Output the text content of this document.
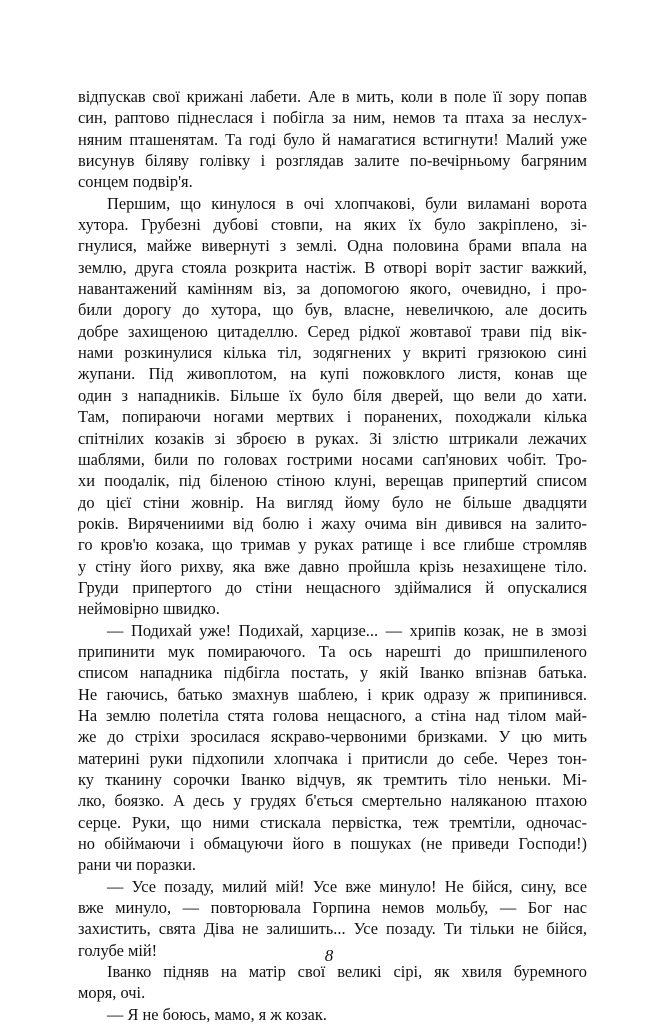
відпускав свої крижані лабети. Але в мить, коли в поле її зору попав
син, раптово піднеслася і побігла за ним, немов та птаха за неслух-
няним пташенятам. Та годі було й намагатися встигнути! Малий уже
висунув біляву голівку і розглядав залите по-вечірньому багряним
сонцем подвір'я.
Першим, що кинулося в очі хлопчакові, були виламані ворота
хутора. Грубезні дубові стовпи, на яких їх було закріплено, зі-
гнулися, майже вивернуті з землі. Одна половина брами впала на
землю, друга стояла розкрита настіж. В отворі воріт застиг важкий,
навантажений камінням віз, за допомогою якого, очевидно, і про-
били дорогу до хутора, що був, власне, невеличкою, але досить
добре захищеною цитаделлю. Серед рідкої жовтавої трави під вік-
нами розкинулися кілька тіл, зодягнених у вкриті грязюкою сині
жупани. Під живоплотом, на купі пожовклого листя, конав ще
один з нападників. Більше їх було біля дверей, що вели до хати.
Там, попираючи ногами мертвих і поранених, походжали кілька
спітнілих козаків зі зброєю в руках. Зі злістю штрикали лежачих
шаблями, били по головах гострими носами сап'янових чобіт. Тро-
хи поодалік, під біленою стіною клуні, верещав припертий списом
до цієї стіни жовнір. На вигляд йому було не більше двадцяти
років. Вирячениими від болю і жаху очима він дивився на залито-
го кров'ю козака, що тримав у руках ратище і все глибше стромляв
у стіну його рихву, яка вже давно пройшла крізь незахищене тіло.
Груди припертого до стіни нещасного здіймалися й опускалися
неймовірно швидко.
— Подихай уже! Подихай, харцизе... — хрипів козак, не в змозі
припинити мук помираючого. Та ось нарешті до пришпиленого
списом нападника підбігла постать, у якій Іванко впізнав батька.
Не гаючись, батько змахнув шаблею, і крик одразу ж припинився.
На землю полетіла стята голова нещасного, а стіна над тілом май-
же до стріхи зросилася яскраво-червоними бризками. У цю мить
материні руки підхопили хлопчака і притисли до себе. Через тон-
ку тканину сорочки Іванко відчув, як тремтить тіло неньки. Мі-
лко, боязко. А десь у грудях б'ється смертельно наляканою птахою
серце. Руки, що ними стискала первістка, теж тремтіли, одночас-
но обіймаючи і обмацуючи його в пошуках (не приведи Господи!)
рани чи поразки.
— Усе позаду, милий мій! Усе вже минуло! Не бійся, сину, все
вже минуло, — повторювала Горпина немов мольбу, — Бог нас
захистить, свята Діва не залишить... Усе позаду. Ти тільки не бійся,
голубе мій!
Іванко підняв на матір свої великі сірі, як хвиля буремного
моря, очі.
— Я не боюсь, мамо, я ж козак.
8
